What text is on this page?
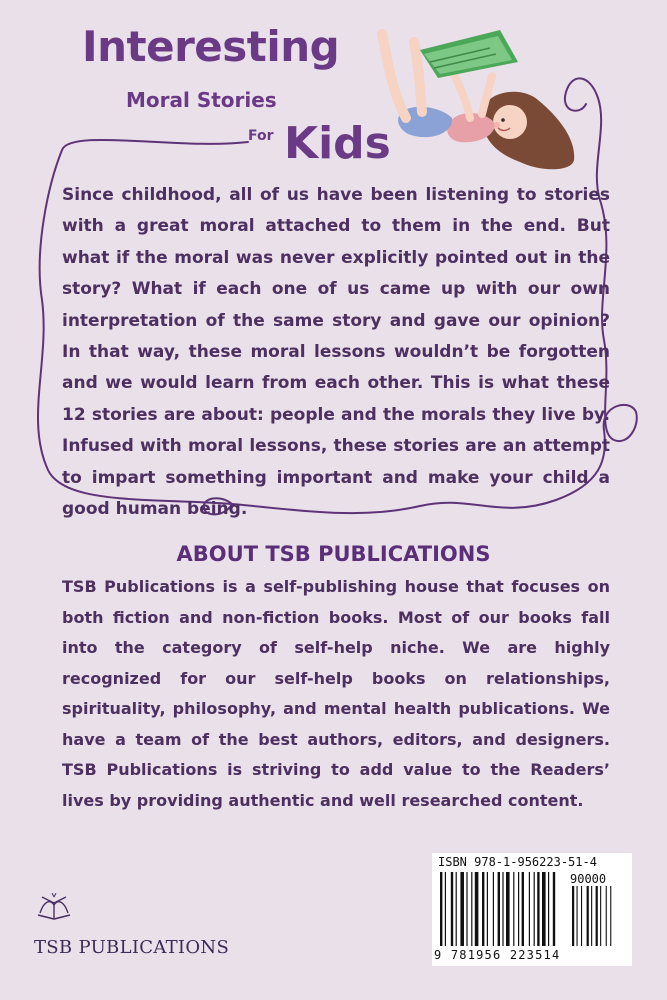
Interesting
Moral Stories
For Kids

Since childhood, all of us have been listening to stories with a great moral attached to them in the end. But what if the moral was never explicitly pointed out in the story? What if each one of us came up with our own interpretation of the same story and gave our opinion? In that way, these moral lessons wouldn’t be forgotten and we would learn from each other. This is what these 12 stories are about: people and the morals they live by. Infused with moral lessons, these stories are an attempt to impart something important and make your child a good human being.

ABOUT TSB PUBLICATIONS

TSB Publications is a self-publishing house that focuses on both fiction and non-fiction books. Most of our books fall into the category of self-help niche. We are highly recognized for our self-help books on relationships, spirituality, philosophy, and mental health publications. We have a team of the best authors, editors, and designers. TSB Publications is striving to add value to the Readers’ lives by providing authentic and well researched content.

TSB PUBLICATIONS
ISBN 978-1-956223-51-4
90000
9 781956 223514
